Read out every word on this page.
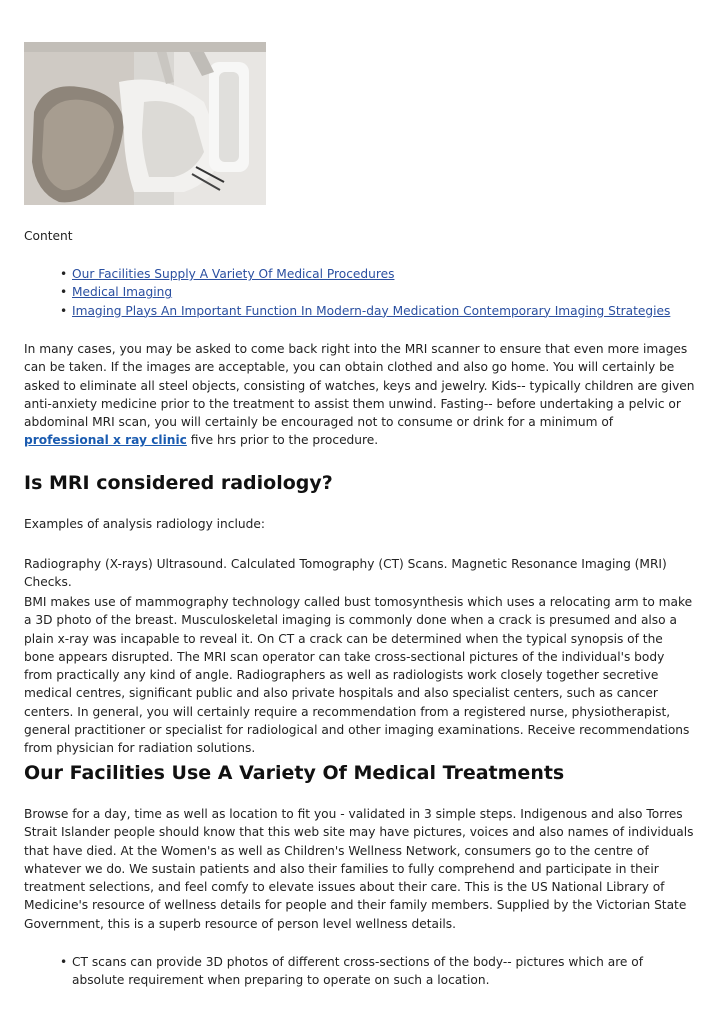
Content

• Our Facilities Supply A Variety Of Medical Procedures
• Medical Imaging
• Imaging Plays An Important Function In Modern-day Medication Contemporary Imaging Strategies

In many cases, you may be asked to come back right into the MRI scanner to ensure that even more images can be taken. If the images are acceptable, you can obtain clothed and also go home. You will certainly be asked to eliminate all steel objects, consisting of watches, keys and jewelry. Kids-- typically children are given anti-anxiety medicine prior to the treatment to assist them unwind. Fasting-- before undertaking a pelvic or abdominal MRI scan, you will certainly be encouraged not to consume or drink for a minimum of professional x ray clinic five hrs prior to the procedure.

Is MRI considered radiology?

Examples of analysis radiology include:

Radiography (X-rays) Ultrasound. Calculated Tomography (CT) Scans. Magnetic Resonance Imaging (MRI) Checks.

BMI makes use of mammography technology called bust tomosynthesis which uses a relocating arm to make a 3D photo of the breast. Musculoskeletal imaging is commonly done when a crack is presumed and also a plain x-ray was incapable to reveal it. On CT a crack can be determined when the typical synopsis of the bone appears disrupted. The MRI scan operator can take cross-sectional pictures of the individual's body from practically any kind of angle. Radiographers as well as radiologists work closely together secretive medical centres, significant public and also private hospitals and also specialist centers, such as cancer centers. In general, you will certainly require a recommendation from a registered nurse, physiotherapist, general practitioner or specialist for radiological and other imaging examinations. Receive recommendations from physician for radiation solutions.

Our Facilities Use A Variety Of Medical Treatments

Browse for a day, time as well as location to fit you - validated in 3 simple steps. Indigenous and also Torres Strait Islander people should know that this web site may have pictures, voices and also names of individuals that have died. At the Women's as well as Children's Wellness Network, consumers go to the centre of whatever we do. We sustain patients and also their families to fully comprehend and participate in their treatment selections, and feel comfy to elevate issues about their care. This is the US National Library of Medicine's resource of wellness details for people and their family members. Supplied by the Victorian State Government, this is a superb resource of person level wellness details.

• CT scans can provide 3D photos of different cross-sections of the body-- pictures which are of absolute requirement when preparing to operate on such a location.
